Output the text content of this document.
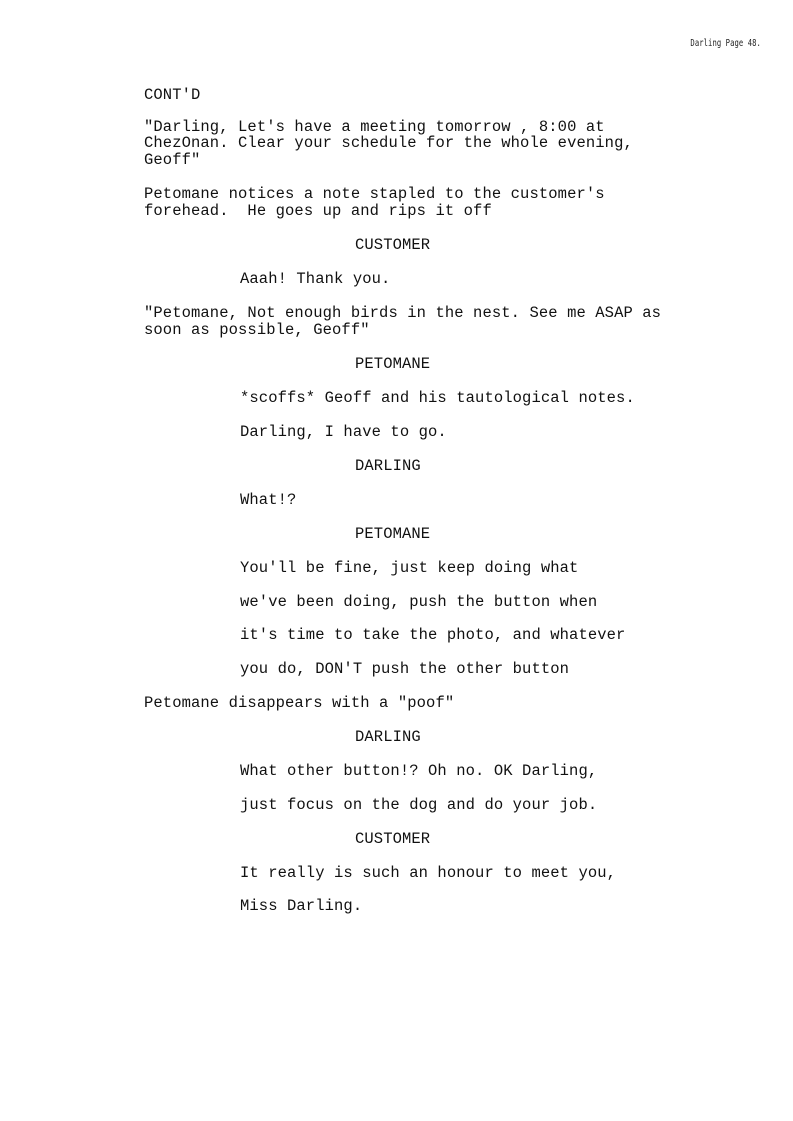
Darling Page 48.
CONT'D
"Darling, Let's have a meeting tomorrow , 8:00 at
ChezOnan. Clear your schedule for the whole evening,
Geoff"
Petomane notices a note stapled to the customer's
forehead.  He goes up and rips it off
CUSTOMER
Aaah! Thank you.
"Petomane, Not enough birds in the nest. See me ASAP as
soon as possible, Geoff"
PETOMANE
*scoffs* Geoff and his tautological notes.
Darling, I have to go.
DARLING
What!?
PETOMANE
You'll be fine, just keep doing what
we've been doing, push the button when
it's time to take the photo, and whatever
you do, DON'T push the other button
Petomane disappears with a "poof"
DARLING
What other button!? Oh no. OK Darling,
just focus on the dog and do your job.
CUSTOMER
It really is such an honour to meet you,
Miss Darling.
